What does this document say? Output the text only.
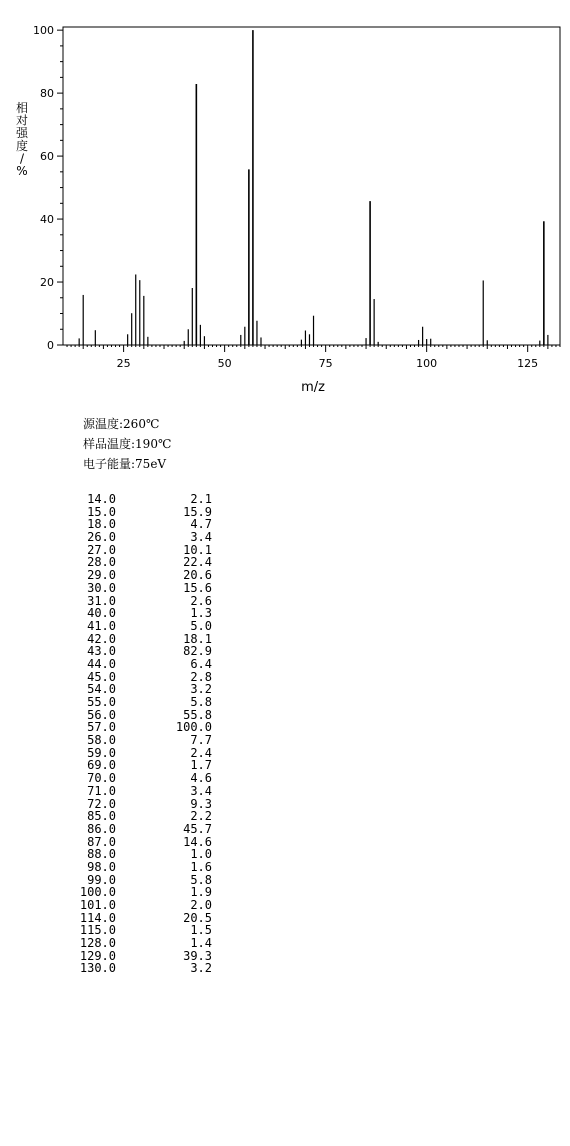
0
20
40
60
80
100
25	50	75	100	125
m/z
相对强度/ %
源温度:260℃
样品温度:190℃
电子能量:75eV
14.0	2.1
15.0	15.9
18.0	4.7
26.0	3.4
27.0	10.1
28.0	22.4
29.0	20.6
30.0	15.6
31.0	2.6
40.0	1.3
41.0	5.0
42.0	18.1
43.0	82.9
44.0	6.4
45.0	2.8
54.0	3.2
55.0	5.8
56.0	55.8
57.0	100.0
58.0	7.7
59.0	2.4
69.0	1.7
70.0	4.6
71.0	3.4
72.0	9.3
85.0	2.2
86.0	45.7
87.0	14.6
88.0	1.0
98.0	1.6
99.0	5.8
100.0	1.9
101.0	2.0
114.0	20.5
115.0	1.5
128.0	1.4
129.0	39.3
130.0	3.2
